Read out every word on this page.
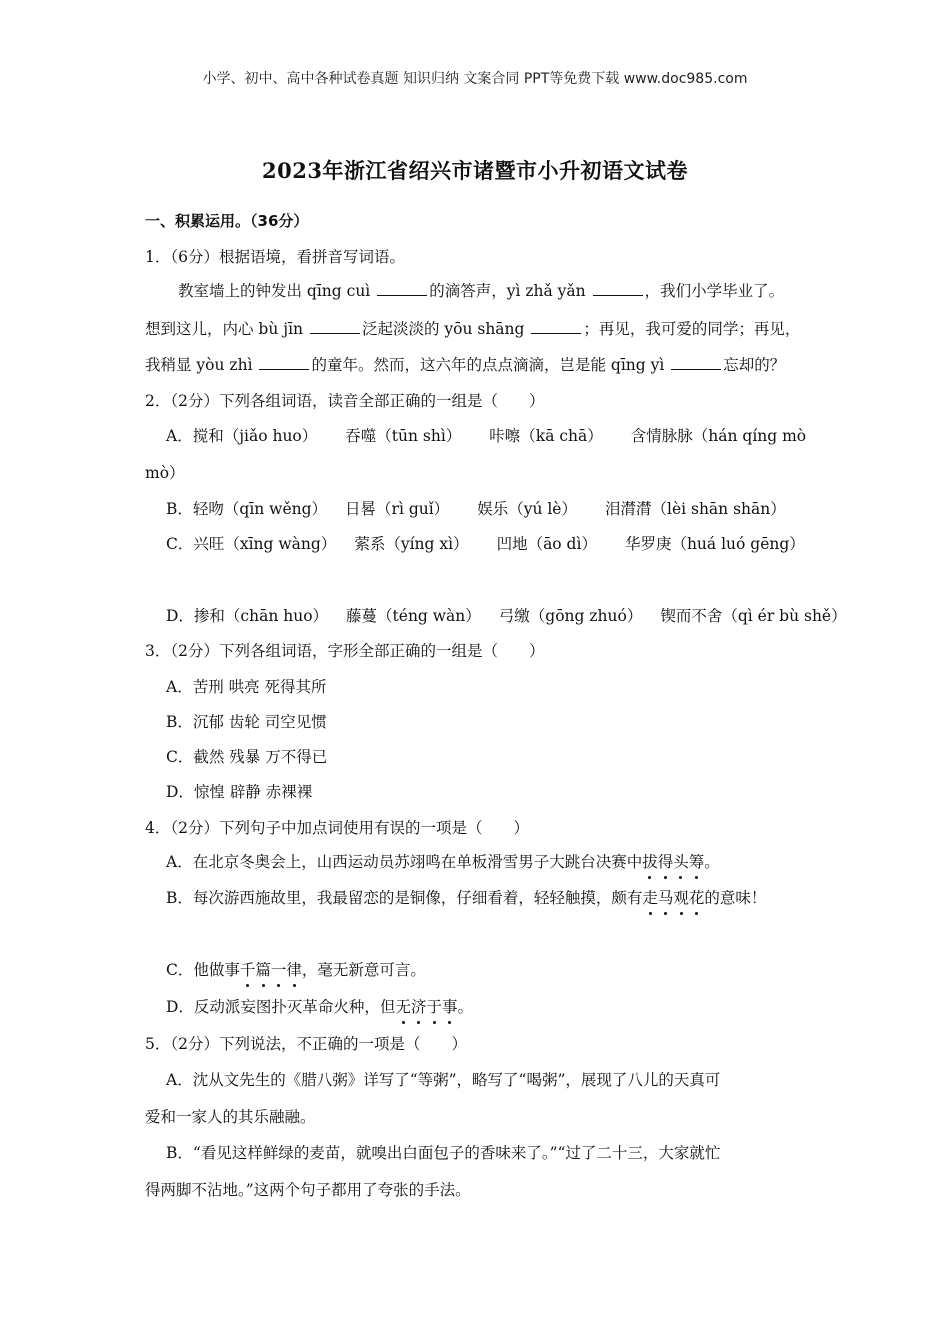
小学、初中、高中各种试卷真题 知识归纳 文案合同 PPT等免费下载 www.doc985.com
2023年浙江省绍兴市诸暨市小升初语文试卷
一、积累运用。（36分）
1．（6分）根据语境，看拼音写词语。
教室墙上的钟发出 qīng cuì	的滴答声，yì zhǎ yǎn	，我们小学毕业了。
想到这儿，内心 bù jīn	泛起淡淡的 yōu shāng	；再见，我可爱的同学；再见，
我稍显 yòu zhì	的童年。然而，这六年的点点滴滴，岂是能 qīng yì	忘却的？
2．（2分）下列各组词语，读音全部正确的一组是（　　）
A．搅和（jiǎo huo） 吞噬（tūn shì） 咔嚓（kā chā） 含情脉脉（hán qíng mò
mò）
B．轻吻（qīn wěng） 日晷（rì guǐ） 娱乐（yú lè） 泪潸潸（lèi shān shān）
C．兴旺（xīng wàng） 萦系（yíng xì） 凹地（āo dì） 华罗庚（huá luó gēng）
D．掺和（chān huo） 藤蔓（téng wàn） 弓缴（gōng zhuó） 锲而不舍（qì ér bù shě）
3．（2分）下列各组词语，字形全部正确的一组是（　　）
A．苦刑 哄亮 死得其所
B．沉郁 齿轮 司空见惯
C．截然 残暴 万不得已
D．惊惶 辟静 赤裸裸
4．（2分）下列句子中加点词使用有误的一项是（　　）
A．在北京冬奥会上，山西运动员苏翊鸣在单板滑雪男子大跳台决赛中拔得头筹
。
B．每次游西施故里，我最留恋的是铜像，仔细看着，轻轻触摸，颇有走马观花
的意味！
C．他做事千篇一律
，毫无新意可言。
D．反动派妄图扑灭革命火种，但无济于事
。
5．（2分）下列说法，不正确的一项是（　　）
A．沈从文先生的《腊八粥》详写了“等粥”，略写了“喝粥”，展现了八儿的天真可
爱和一家人的其乐融融。
B．“看见这样鲜绿的麦苗，就嗅出白面包子的香味来了。”“过了二十三，大家就忙
得两脚不沾地。”这两个句子都用了夸张的手法。
